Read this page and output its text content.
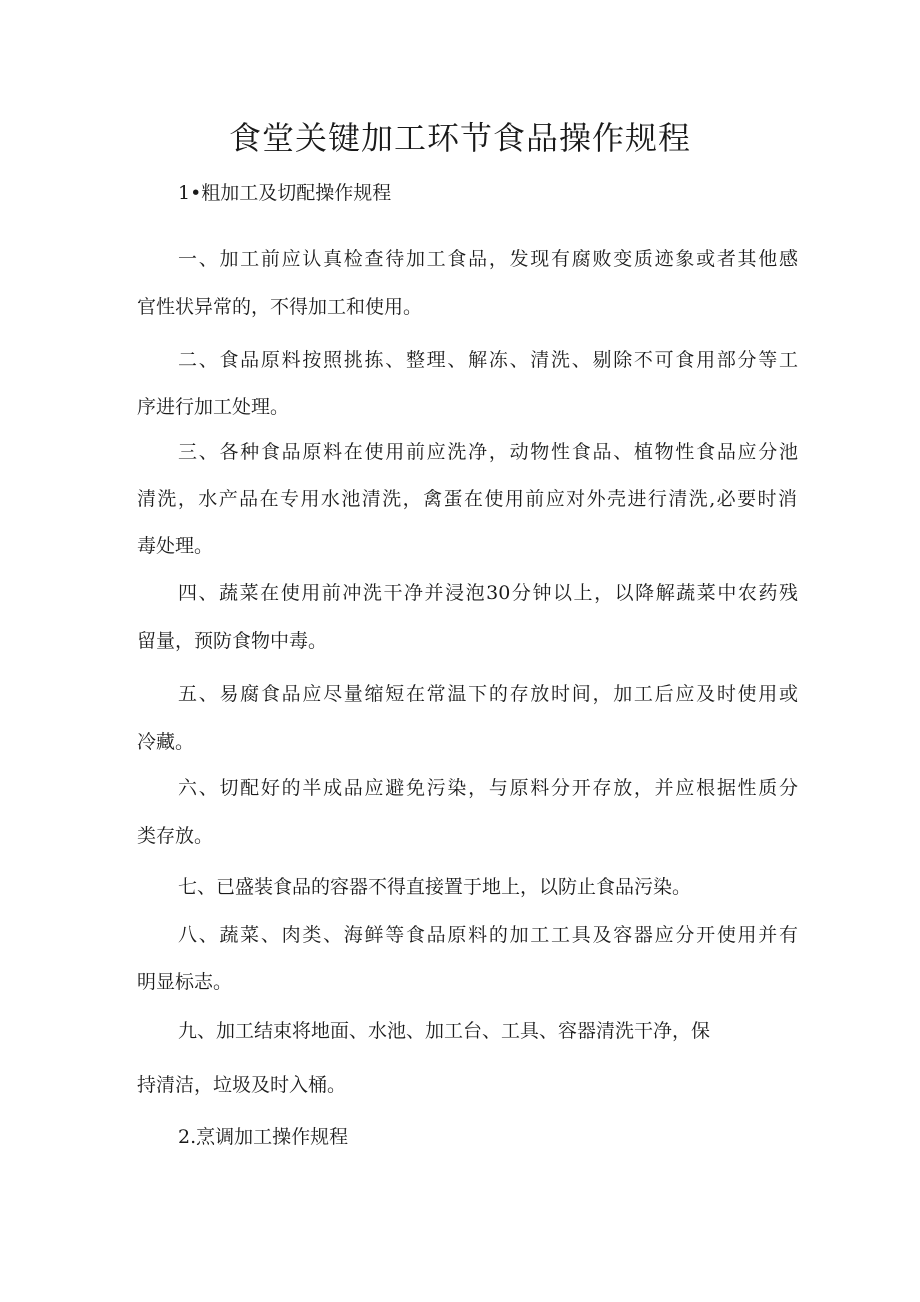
食堂关键加工环节食品操作规程
1•粗加工及切配操作规程
一、加工前应认真检查待加工食品，发现有腐败变质迹象或者其他感
官性状异常的，不得加工和使用。
二、食品原料按照挑拣、整理、解冻、清洗、剔除不可食用部分等工
序进行加工处理。
三、各种食品原料在使用前应洗净，动物性食品、植物性食品应分池
清洗，水产品在专用水池清洗，禽蛋在使用前应对外壳进行清洗,必要时消
毒处理。
四、蔬菜在使用前冲洗干净并浸泡30分钟以上，以降解蔬菜中农药残
留量，预防食物中毒。
五、易腐食品应尽量缩短在常温下的存放时间，加工后应及时使用或
冷藏。
六、切配好的半成品应避免污染，与原料分开存放，并应根据性质分
类存放。
七、已盛装食品的容器不得直接置于地上，以防止食品污染。
八、蔬菜、肉类、海鲜等食品原料的加工工具及容器应分开使用并有
明显标志。
九、加工结束将地面、水池、加工台、工具、容器清洗干净，保
持清洁，垃圾及时入桶。
2.烹调加工操作规程
